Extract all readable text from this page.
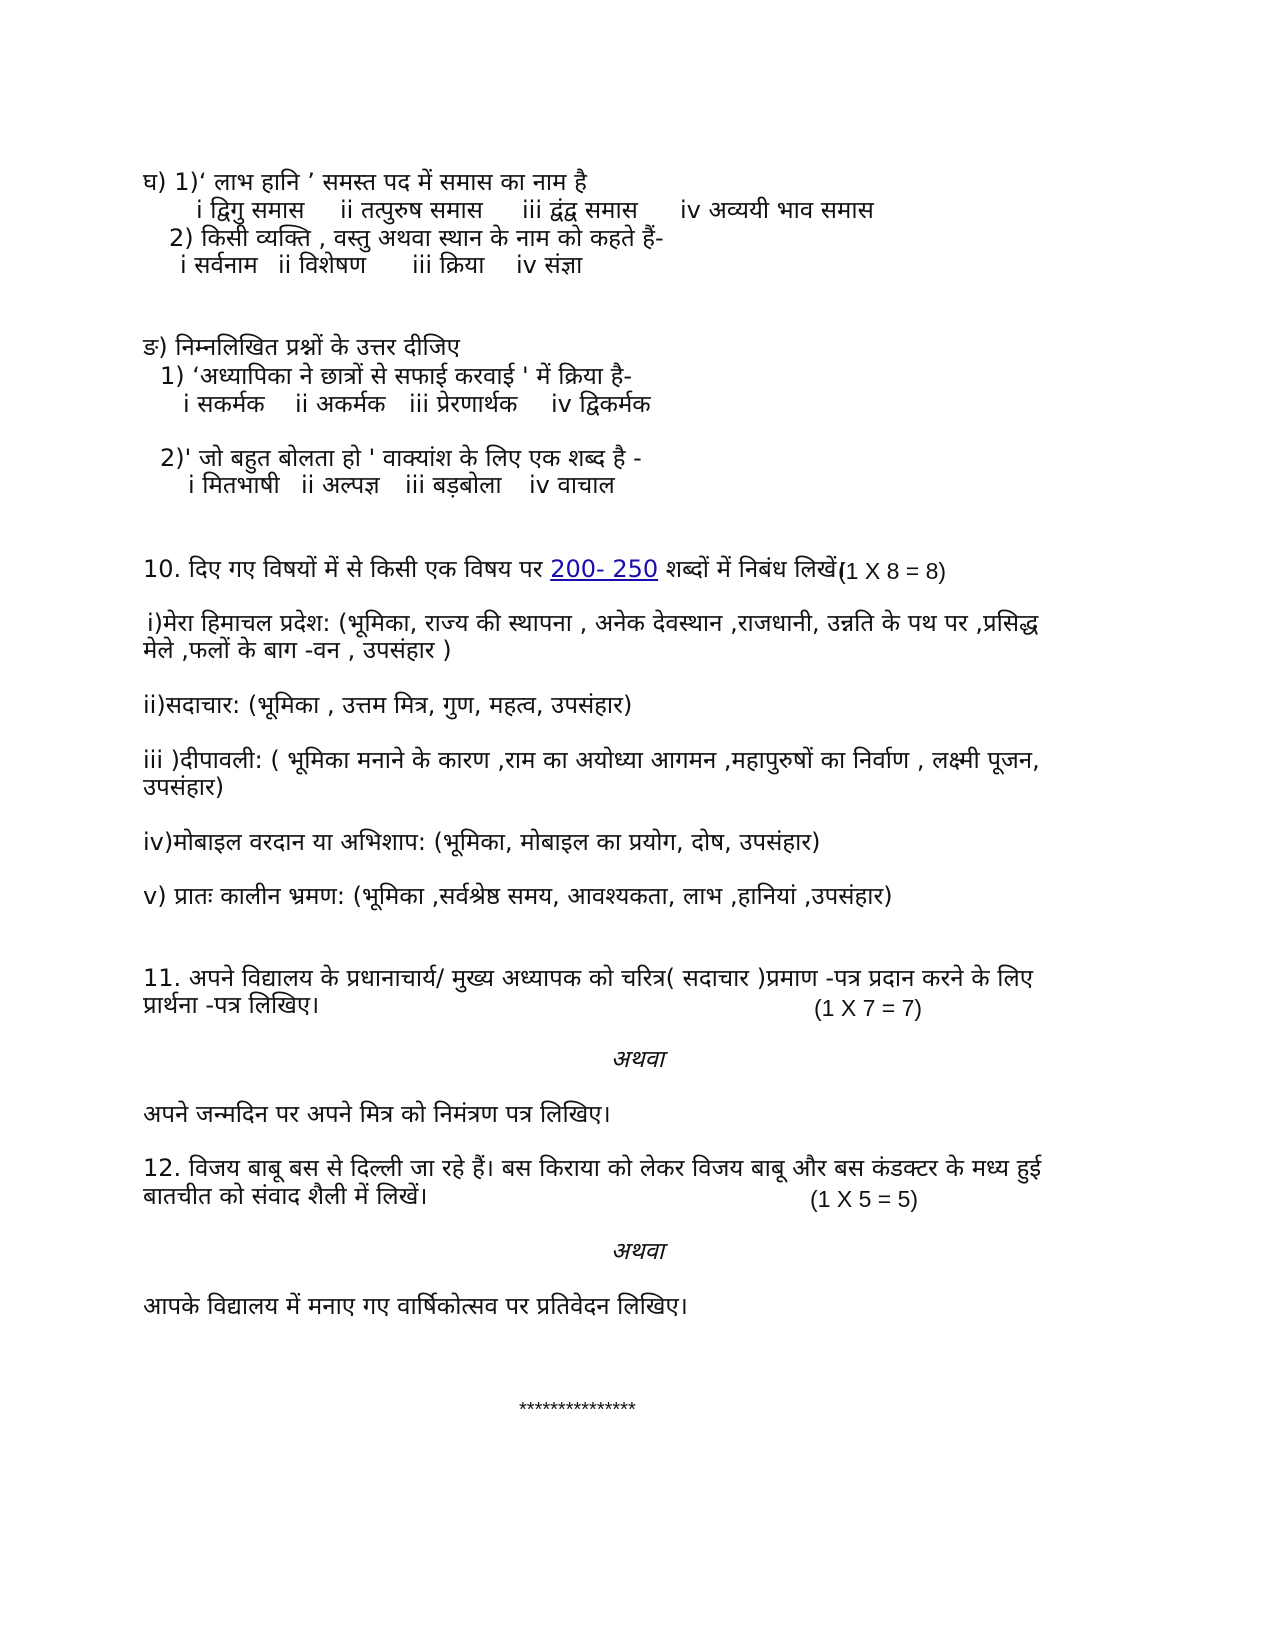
घ) 1)‘ लाभ हानि ’ समस्त पद में समास का नाम है
i द्विगु समास ii तत्पुरुष समास iii द्वंद्व समास iv अव्ययी भाव समास
2) किसी व्यक्ति , वस्तु अथवा स्थान के नाम को कहते हैं-
i सर्वनाम ii विशेषण iii क्रिया iv संज्ञा
ङ) निम्नलिखित प्रश्नों के उत्तर दीजिए
1) ‘अध्यापिका ने छात्रों से सफाई करवाई ' में क्रिया है-
i सकर्मक ii अकर्मक iii प्रेरणार्थक iv द्विकर्मक
2)' जो बहुत बोलता हो ' वाक्यांश के लिए एक शब्द है -
i मितभाषी ii अल्पज्ञ iii बड़बोला iv वाचाल
10. दिए गए विषयों में से किसी एक विषय पर 200- 250 शब्दों में निबंध लिखें।
(1 X 8 = 8)
i)मेरा हिमाचल प्रदेश: (भूमिका, राज्य की स्थापना , अनेक देवस्थान ,राजधानी, उन्नति के पथ पर ,प्रसिद्ध
मेले ,फलों के बाग -वन , उपसंहार )
ii)सदाचार: (भूमिका , उत्तम मित्र, गुण, महत्व, उपसंहार)
iii )दीपावली: ( भूमिका मनाने के कारण ,राम का अयोध्या आगमन ,महापुरुषों का निर्वाण , लक्ष्मी पूजन,
उपसंहार)
iv)मोबाइल वरदान या अभिशाप: (भूमिका, मोबाइल का प्रयोग, दोष, उपसंहार)
v) प्रातः कालीन भ्रमण: (भूमिका ,सर्वश्रेष्ठ समय, आवश्यकता, लाभ ,हानियां ,उपसंहार)
11. अपने विद्यालय के प्रधानाचार्य/ मुख्य अध्यापक को चरित्र( सदाचार )प्रमाण -पत्र प्रदान करने के लिए
प्रार्थना -पत्र लिखिए।	(1 X 7 = 7)
अथवा
अपने जन्मदिन पर अपने मित्र को निमंत्रण पत्र लिखिए।
12. विजय बाबू बस से दिल्ली जा रहे हैं। बस किराया को लेकर विजय बाबू और बस कंडक्टर के मध्य हुई
बातचीत को संवाद शैली में लिखें।	(1 X 5 = 5)
अथवा
आपके विद्यालय में मनाए गए वार्षिकोत्सव पर प्रतिवेदन लिखिए।
***************
